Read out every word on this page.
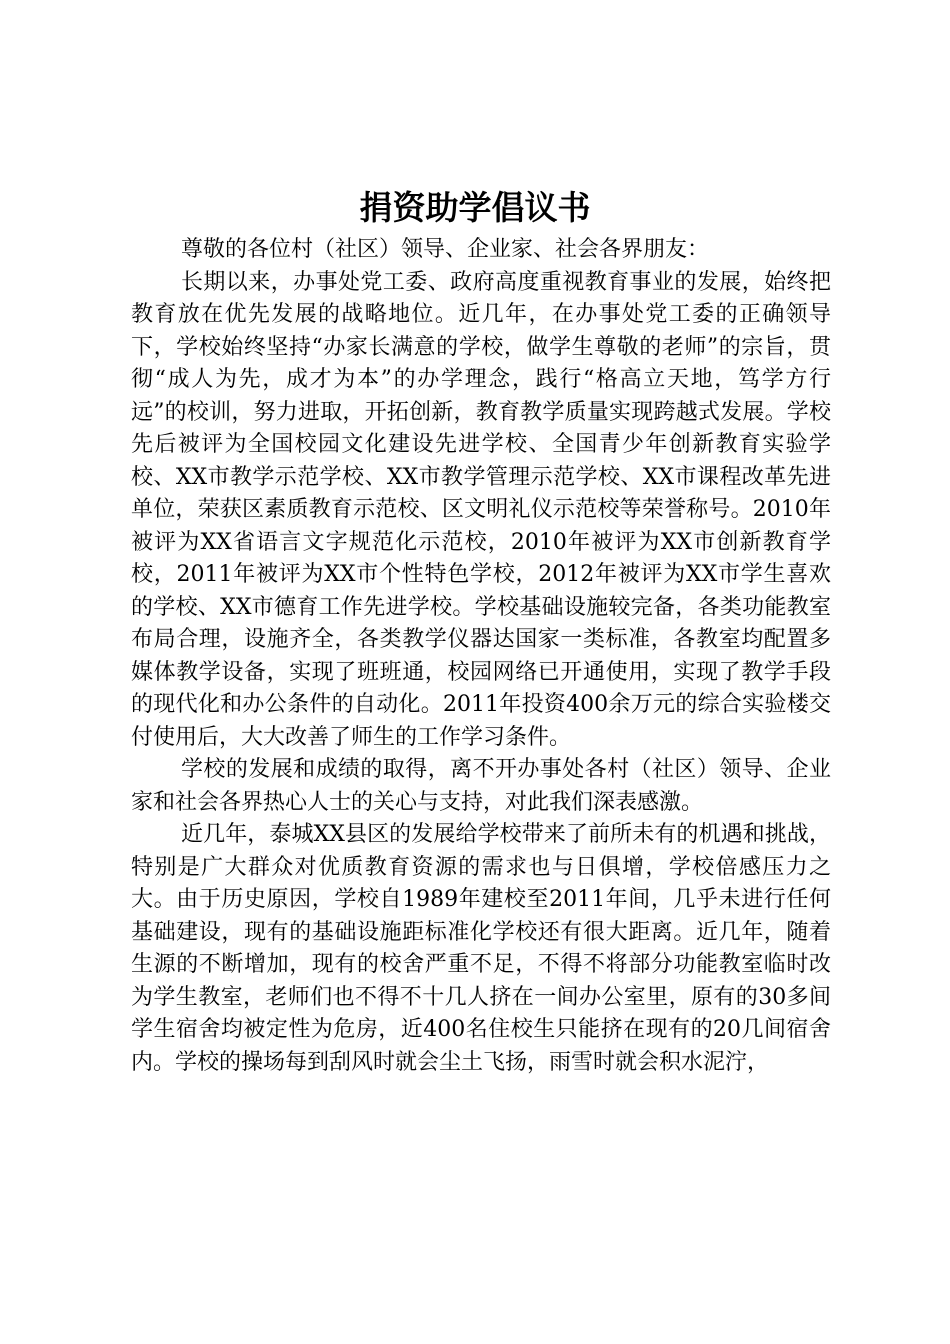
捐资助学倡议书

尊敬的各位村（社区）领导、企业家、社会各界朋友：

长期以来，办事处党工委、政府高度重视教育事业的发展，始终把教育放在优先发展的战略地位。近几年，在办事处党工委的正确领导下，学校始终坚持“办家长满意的学校，做学生尊敬的老师”的宗旨，贯彻“成人为先，成才为本”的办学理念，践行“格高立天地，笃学方行远”的校训，努力进取，开拓创新，教育教学质量实现跨越式发展。学校先后被评为全国校园文化建设先进学校、全国青少年创新教育实验学校、XX市教学示范学校、XX市教学管理示范学校、XX市课程改革先进单位，荣获区素质教育示范校、区文明礼仪示范校等荣誉称号。2010年被评为XX省语言文字规范化示范校，2010年被评为XX市创新教育学校，2011年被评为XX市个性特色学校，2012年被评为XX市学生喜欢的学校、XX市德育工作先进学校。学校基础设施较完备，各类功能教室布局合理，设施齐全，各类教学仪器达国家一类标准，各教室均配置多媒体教学设备，实现了班班通，校园网络已开通使用，实现了教学手段的现代化和办公条件的自动化。2011年投资400余万元的综合实验楼交付使用后，大大改善了师生的工作学习条件。

学校的发展和成绩的取得，离不开办事处各村（社区）领导、企业家和社会各界热心人士的关心与支持，对此我们深表感激。

近几年，泰城XX县区的发展给学校带来了前所未有的机遇和挑战，特别是广大群众对优质教育资源的需求也与日俱增，学校倍感压力之大。由于历史原因，学校自1989年建校至2011年间，几乎未进行任何基础建设，现有的基础设施距标准化学校还有很大距离。近几年，随着生源的不断增加，现有的校舍严重不足，不得不将部分功能教室临时改为学生教室，老师们也不得不十几人挤在一间办公室里，原有的30多间学生宿舍均被定性为危房，近400名住校生只能挤在现有的20几间宿舍内。学校的操场每到刮风时就会尘土飞扬，雨雪时就会积水泥泞，
